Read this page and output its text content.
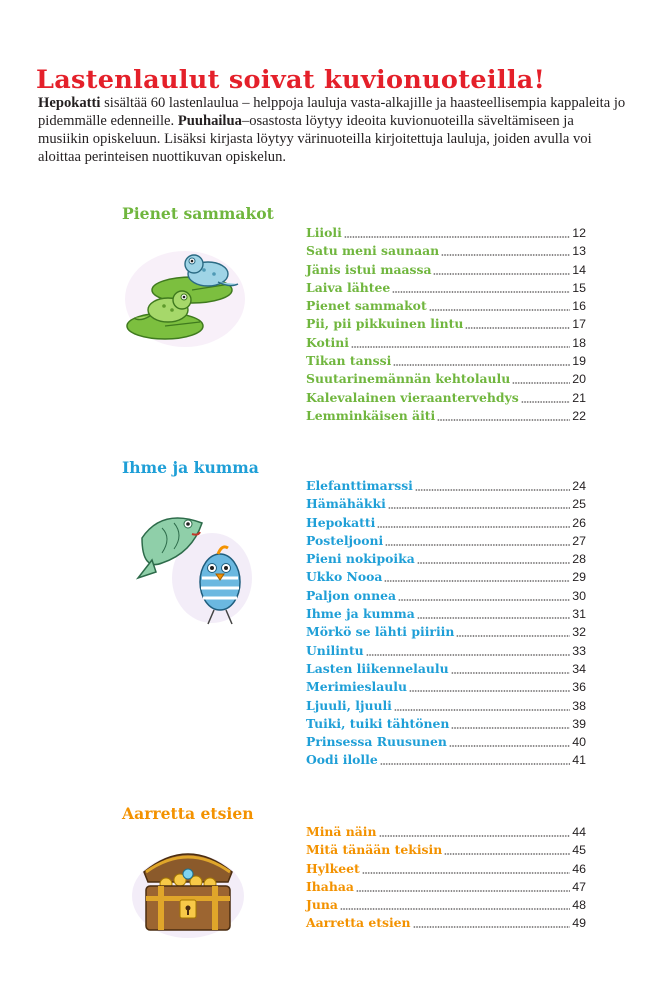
Lastenlaulut soivat kuvionuoteilla!

Hepokatti sisältää 60 lastenlaulua – helppoja lauluja vasta-alkajille ja haasteellisempia kappaleita jo pidemmälle edenneille. Puuhailua–osastosta löytyy ideoita kuvionuoteilla säveltämiseen ja musiikin opiskeluun. Lisäksi kirjasta löytyy värinuoteilla kirjoitettuja lauluja, joiden avulla voi aloittaa perinteisen nuottikuvan opiskelun.

Pienet sammakot
Liioli	12
Satu meni saunaan	13
Jänis istui maassa	14
Laiva lähtee	15
Pienet sammakot	16
Pii, pii pikkuinen lintu	17
Kotini	18
Tikan tanssi	19
Suutarinemännän kehtolaulu	20
Kalevalainen vieraantervehdys	21
Lemminkäisen äiti	22
Ihme ja kumma
Elefanttimarssi	24
Hämähäkki	25
Hepokatti	26
Posteljooni	27
Pieni nokipoika	28
Ukko Nooa	29
Paljon onnea	30
Ihme ja kumma	31
Mörkö se lähti piiriin	32
Unilintu	33
Lasten liikennelaulu	34
Merimieslaulu	36
Ljuuli, ljuuli	38
Tuiki, tuiki tähtönen	39
Prinsessa Ruusunen	40
Oodi ilolle	41
Aarretta etsien
Minä näin	44
Mitä tänään tekisin	45
Hylkeet	46
Ihahaa	47
Juna	48
Aarretta etsien	49
